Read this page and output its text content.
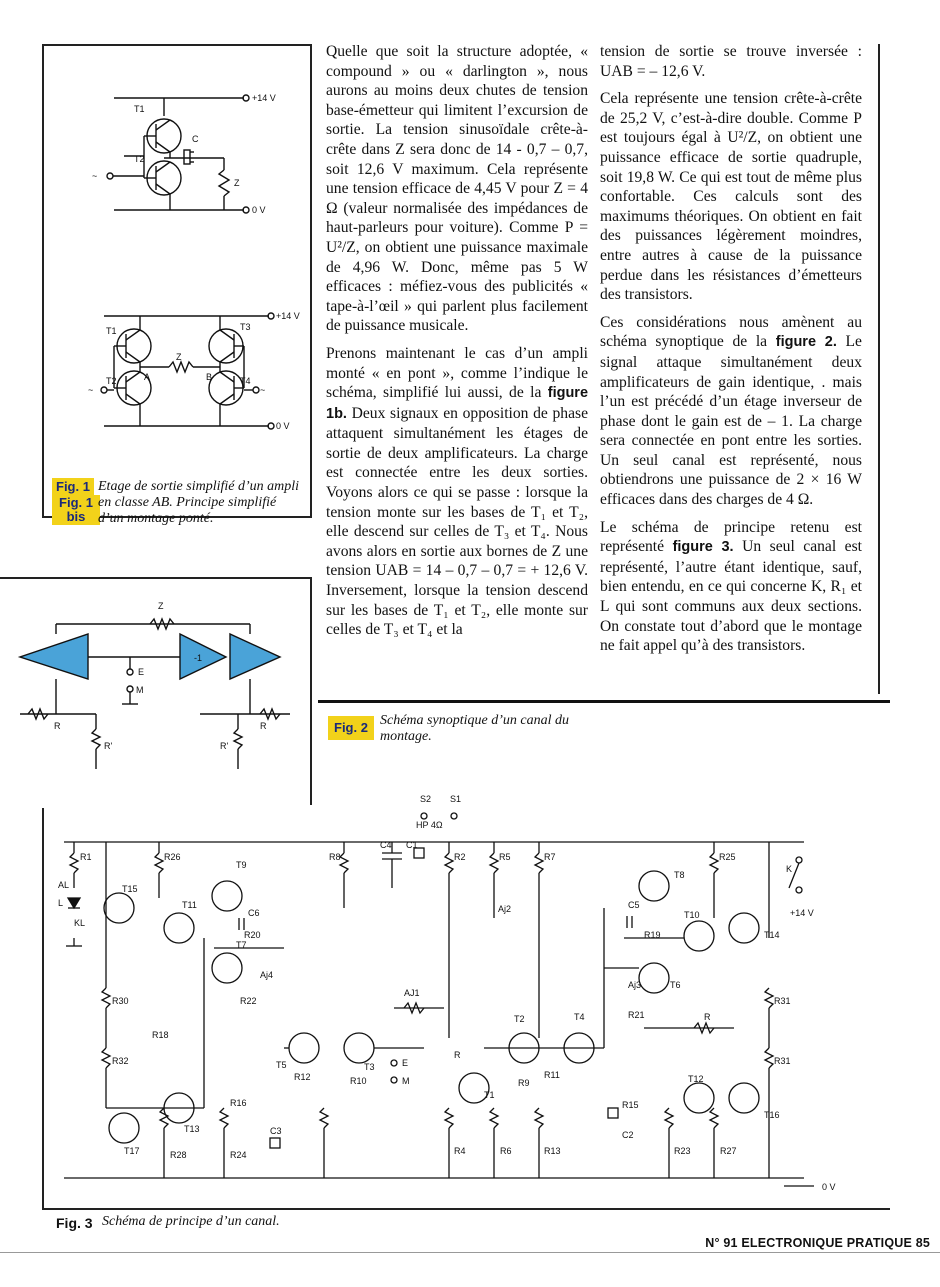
T1
T2
C
Z
+14 V
0 V
~
T1
T2
T3
T4
Z
A	B
+14 V
0 V
~	~
Fig. 1
Fig. 1 bis
Etage de sortie simplifié d’un ampli en classe AB. Principe simplifié d’un montage ponté.
Z
-1
E
M
R
R'
R
R'

Quelle que soit la structure adoptée, « compound » ou « darlington », nous aurons au moins deux chutes de tension base-émetteur qui limitent l’excursion de sortie. La tension sinusoïdale crête-à-crête dans Z sera donc de 14 - 0,7 – 0,7, soit 12,6 V maximum. Cela représente une tension efficace de 4,45 V pour Z = 4 Ω (valeur normalisée des impédances de haut-parleurs pour voiture). Comme P = U²/Z, on obtient une puissance maximale de 4,96 W. Donc, même pas 5 W efficaces : méfiez-vous des publicités « tape-à-l’œil » qui parlent plus facilement de puissance musicale.

Prenons maintenant le cas d’un ampli monté « en pont », comme l’indique le schéma, simplifié lui aussi, de la figure 1b. Deux signaux en opposition de phase attaquent simultanément les étages de sortie de deux amplificateurs. La charge est connectée entre les deux sorties. Voyons alors ce qui se passe : lorsque la tension monte sur les bases de T₁ et T₂, elle descend sur celles de T₃ et T₄. Nous avons alors en sortie aux bornes de Z une tension UAB = 14 – 0,7 – 0,7 = + 12,6 V. Inversement, lorsque la tension descend sur les bases de T₁ et T₂, elle monte sur celles de T₃ et T₄ et la

tension de sortie se trouve inversée : UAB = – 12,6 V.

Cela représente une tension crête-à-crête de 25,2 V, c’est-à-dire double. Comme P est toujours égal à U²/Z, on obtient une puissance efficace de sortie quadruple, soit 19,8 W. Ce qui est tout de même plus confortable. Ces calculs sont des maximums théoriques. On obtient en fait des puissances légèrement moindres, entre autres à cause de la puissance perdue dans les résistances d’émetteurs des transistors.

Ces considérations nous amènent au schéma synoptique de la figure 2. Le signal attaque simultanément deux amplificateurs de gain identique, . mais l’un est précédé d’un étage inverseur de phase dont le gain est de – 1. La charge sera connectée en pont entre les sorties. Un seul canal est représenté, nous obtiendrons une puissance de 2 × 16 W efficaces dans des charges de 4 Ω.

Le schéma de principe retenu est représenté figure 3. Un seul canal est représenté, l’autre étant identique, sauf, bien entendu, en ce qui concerne K, R₁ et L qui sont communs aux deux sections. On constate tout d’abord que le montage ne fait appel qu’à des transistors.

Fig. 2 Schéma synoptique d’un canal du montage.
S2 S1
HP 4Ω
R1	R26	R8	R2	R5	R7	R25
C4 C1
K
+14 V
AL
L
KL
T15
T11
T9
T7
C6
R20
Aj4
R22
R30
R18
R32	T5
R12
T3
R10
AJ1
E
M
R
Aj2
T2	T4
R9
R11
T1
C5
R19
T8
T10
T14
Aj3	T6
R21	R
R31
R31
T12
T16
R15
C2
R23	R27
R13
R4	R6
R16
C3
R24
R28
T13
T17
0 V
Fig. 3 Schéma de principe d’un canal.
N° 91 ELECTRONIQUE PRATIQUE 85
